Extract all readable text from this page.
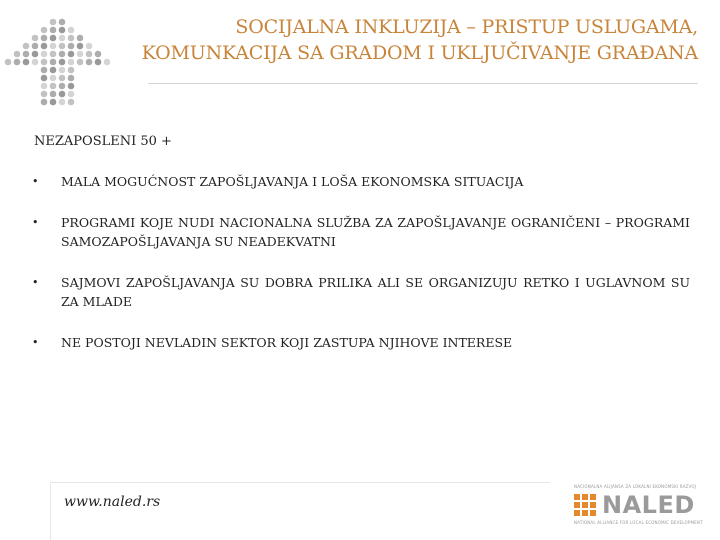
SOCIJALNA INKLUZIJA – PRISTUP USLUGAMA,
KOMUNKACIJA SA GRADOM I UKLJUČIVANJE GRAĐANA
NEZAPOSLENI 50 +
• MALA MOGUĆNOST ZAPOŠLJAVANJA I LOŠA EKONOMSKA SITUACIJA
• PROGRAMI KOJE NUDI NACIONALNA SLUŽBA ZA ZAPOŠLJAVANJE OGRANIČENI – PROGRAMI SAMOZAPOŠLJAVANJA SU NEADEKVATNI
• SAJMOVI ZAPOŠLJAVANJA SU DOBRA PRILIKA ALI SE ORGANIZUJU RETKO I UGLAVNOM SU ZA MLADE
• NE POSTOJI NEVLADIN SEKTOR KOJI ZASTUPA NJIHOVE INTERESE
www.naled.rs
NACIONALNA ALIJANSA ZA LOKALNI EKONOMSKI RAZVOJ
NALED
NATIONAL ALLIANCE FOR LOCAL ECONOMIC DEVELOPMENT
